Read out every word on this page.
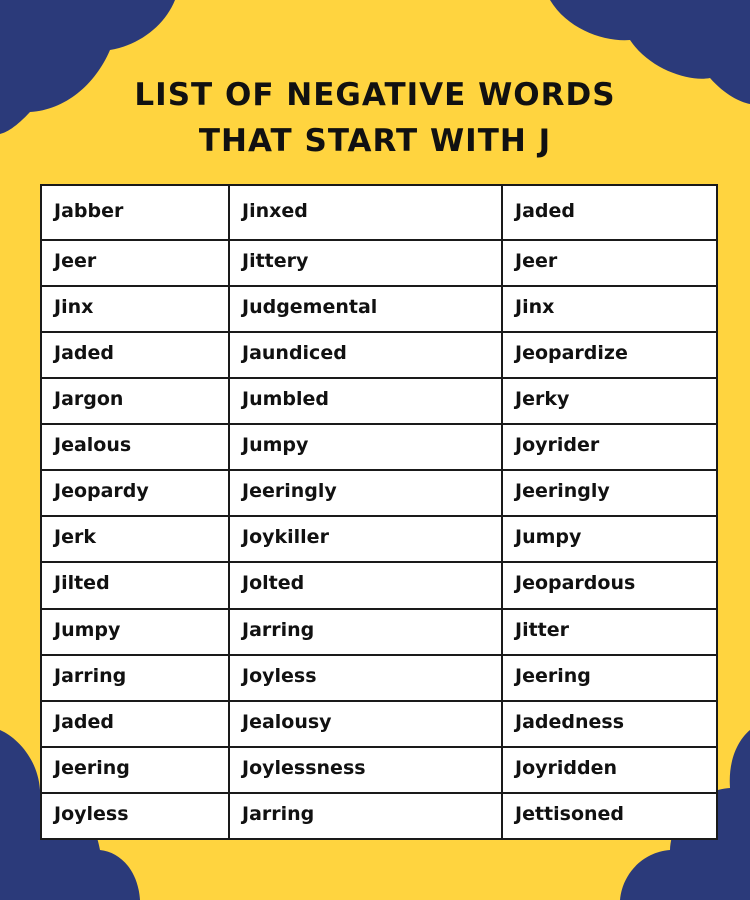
LIST OF NEGATIVE WORDS
THAT START WITH J
Jabber	Jinxed	Jaded
Jeer	Jittery	Jeer
Jinx	Judgemental	Jinx
Jaded	Jaundiced	Jeopardize
Jargon	Jumbled	Jerky
Jealous	Jumpy	Joyrider
Jeopardy	Jeeringly	Jeeringly
Jerk	Joykiller	Jumpy
Jilted	Jolted	Jeopardous
Jumpy	Jarring	Jitter
Jarring	Joyless	Jeering
Jaded	Jealousy	Jadedness
Jeering	Joylessness	Joyridden
Joyless	Jarring	Jettisoned
